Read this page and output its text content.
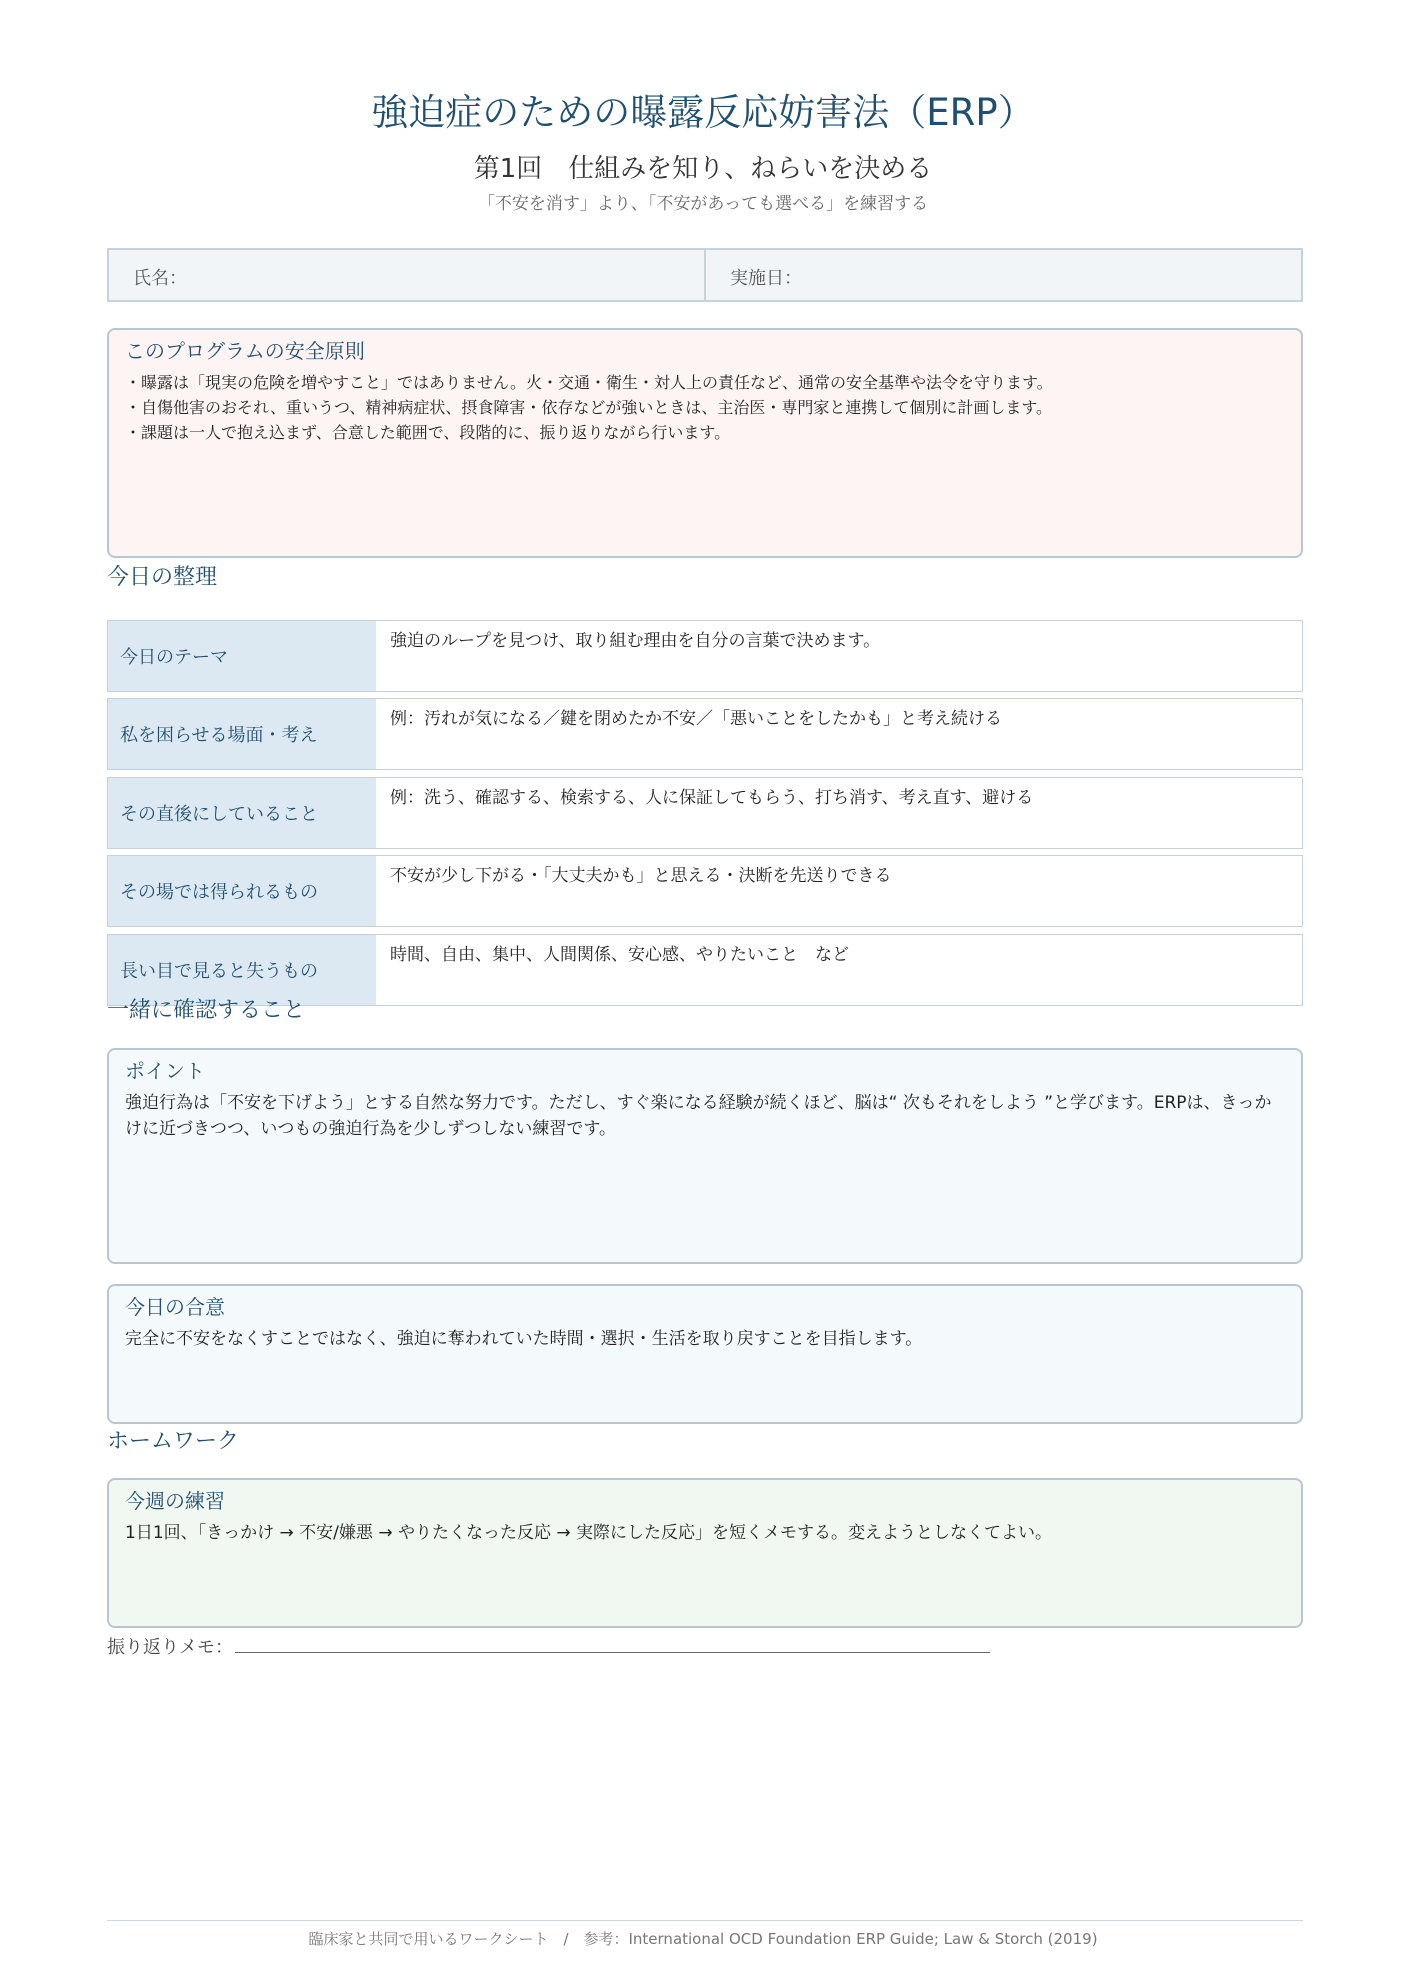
強迫症のための曝露反応妨害法（ERP）
第1回　仕組みを知り、ねらいを決める
「不安を消す」より、「不安があっても選べる」を練習する
氏名：	実施日：
このプログラムの安全原則
・曝露は「現実の危険を増やすこと」ではありません。火・交通・衛生・対人上の責任など、通常の安全基準や法令を守ります。
・自傷他害のおそれ、重いうつ、精神病症状、摂食障害・依存などが強いときは、主治医・専門家と連携して個別に計画します。
・課題は一人で抱え込まず、合意した範囲で、段階的に、振り返りながら行います。
今日の整理
今日のテーマ
強迫のループを見つけ、取り組む理由を自分の言葉で決めます。
私を困らせる場面・考え
例：汚れが気になる／鍵を閉めたか不安／「悪いことをしたかも」と考え続ける
その直後にしていること
例：洗う、確認する、検索する、人に保証してもらう、打ち消す、考え直す、避ける
その場では得られるもの
不安が少し下がる・「大丈夫かも」と思える・決断を先送りできる
長い目で見ると失うもの
時間、自由、集中、人間関係、安心感、やりたいこと　など
一緒に確認すること
ポイント
強迫行為は「不安を下げよう」とする自然な努力です。ただし、すぐ楽になる経験が続くほど、脳は“ 次もそれをしよう ”と学びます。ERPは、きっかけに近づきつつ、いつもの強迫行為を少しずつしない練習です。
今日の合意
完全に不安をなくすことではなく、強迫に奪われていた時間・選択・生活を取り戻すことを目指します。
ホームワーク
今週の練習
1日1回、「きっかけ → 不安/嫌悪 → やりたくなった反応 → 実際にした反応」を短くメモする。変えようとしなくてよい。
振り返りメモ：
臨床家と共同で用いるワークシート　/　参考：International OCD Foundation ERP Guide; Law & Storch (2019)
